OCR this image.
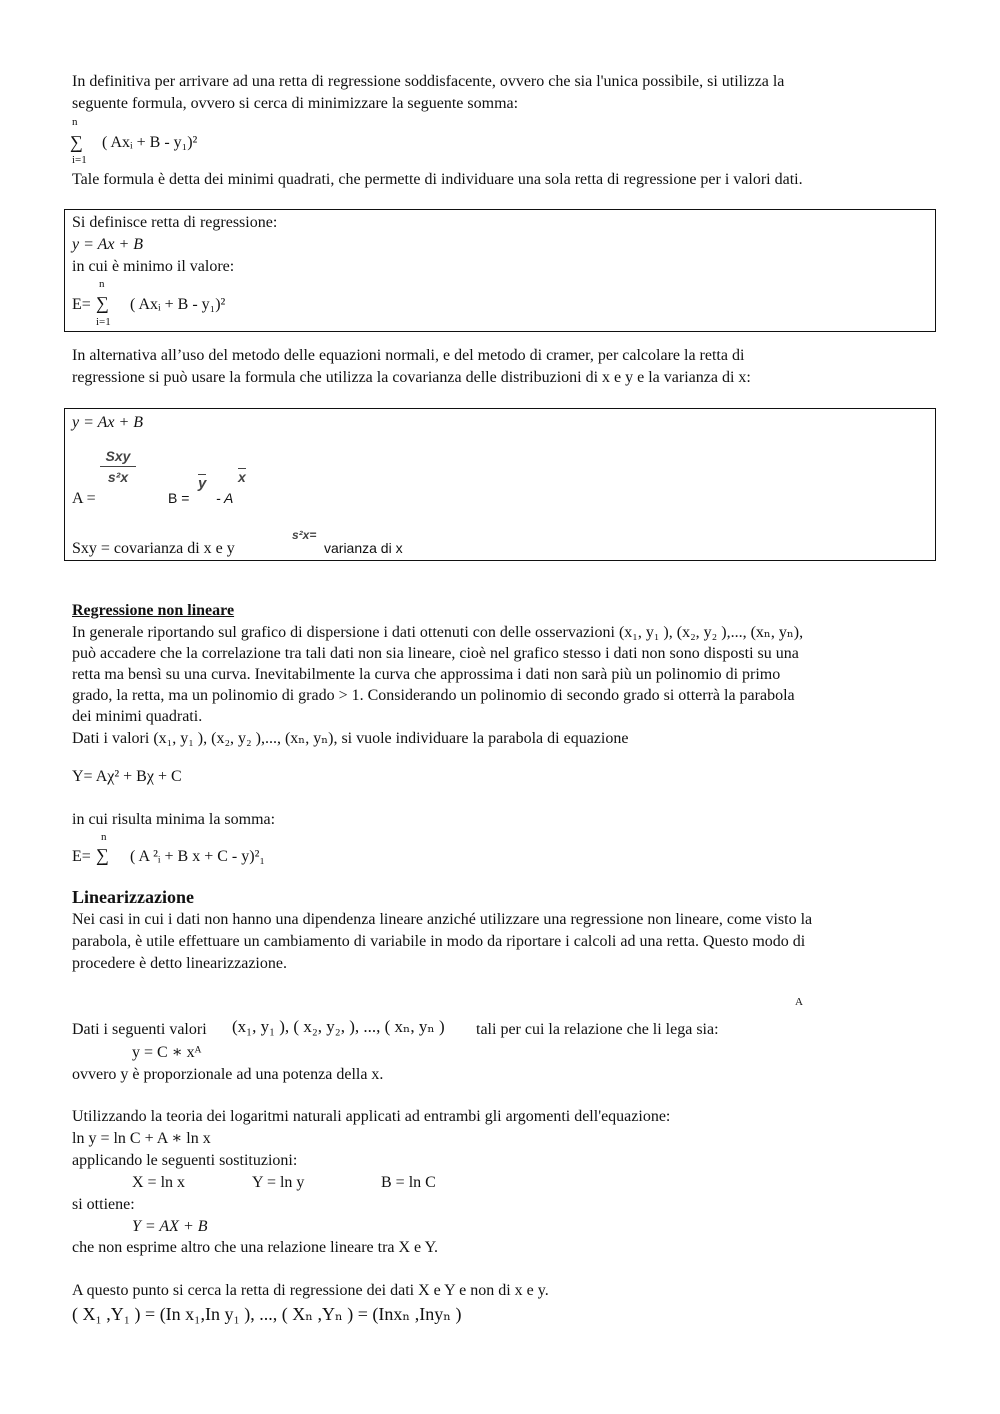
In definitiva per arrivare ad una retta di regressione soddisfacente, ovvero che sia l'unica possibile, si utilizza la
seguente formula, ovvero si cerca di minimizzare la seguente somma:
n
∑
i=1
( Axᵢ + B - y₁)²
Tale formula è detta dei minimi quadrati, che permette di individuare una sola retta di regressione per i valori dati.
Si definisce retta di regressione:
y = Ax + B
in cui è minimo il valore:
n
E= ∑
i=1
( Axᵢ + B - y₁)²
In alternativa all’uso del metodo delle equazioni normali, e del metodo di cramer, per calcolare la retta di
regressione si può usare la formula che utilizza la covarianza delle distribuzioni di x e y e la varianza di x:
y = Ax + B
Sxy
s²x
A =	B =
y
- A
x
Sxy = covarianza di x e y
s²x=
varianza di x
Regressione non lineare
In generale riportando sul grafico di dispersione i dati ottenuti con delle osservazioni (x₁, y₁ ), (x₂, y₂ ),..., (xₙ, yₙ),
può accadere che la correlazione tra tali dati non sia lineare, cioè nel grafico stesso i dati non sono disposti su una
retta ma bensì su una curva. Inevitabilmente la curva che approssima i dati non sarà più un polinomio di primo
grado, la retta, ma un polinomio di grado > 1. Considerando un polinomio di secondo grado si otterrà la parabola
dei minimi quadrati.
Dati i valori (x₁, y₁ ), (x₂, y₂ ),..., (xₙ, yₙ), si vuole individuare la parabola di equazione
Y= Aχ² + Bχ + C
in cui risulta minima la somma:
n
E= ∑ ( A ²ᵢ + B x + C - y)²₁
Linearizzazione
Nei casi in cui i dati non hanno una dipendenza lineare anziché utilizzare una regressione non lineare, come visto la
parabola, è utile effettuare un cambiamento di variabile in modo da riportare i calcoli ad una retta. Questo modo di
procedere è detto linearizzazione.
A
Dati i seguenti valori (x₁, y₁ ), ( x₂, y₂, ), ..., ( xₙ, yₙ ) tali per cui la relazione che li lega sia:
y = C ∗ xᴬ
ovvero y è proporzionale ad una potenza della x.
Utilizzando la teoria dei logaritmi naturali applicati ad entrambi gli argomenti dell'equazione:
ln y = ln C + A ∗ ln x
applicando le seguenti sostituzioni:
X = ln x	Y = ln y	B = ln C
si ottiene:
Y = AX + B
che non esprime altro che una relazione lineare tra X e Y.
A questo punto si cerca la retta di regressione dei dati X e Y e non di x e y.
( X₁ ,Y₁ ) = (In x₁,In y₁ ), ..., ( Xₙ ,Yₙ ) = (Inxₙ ,Inyₙ )
